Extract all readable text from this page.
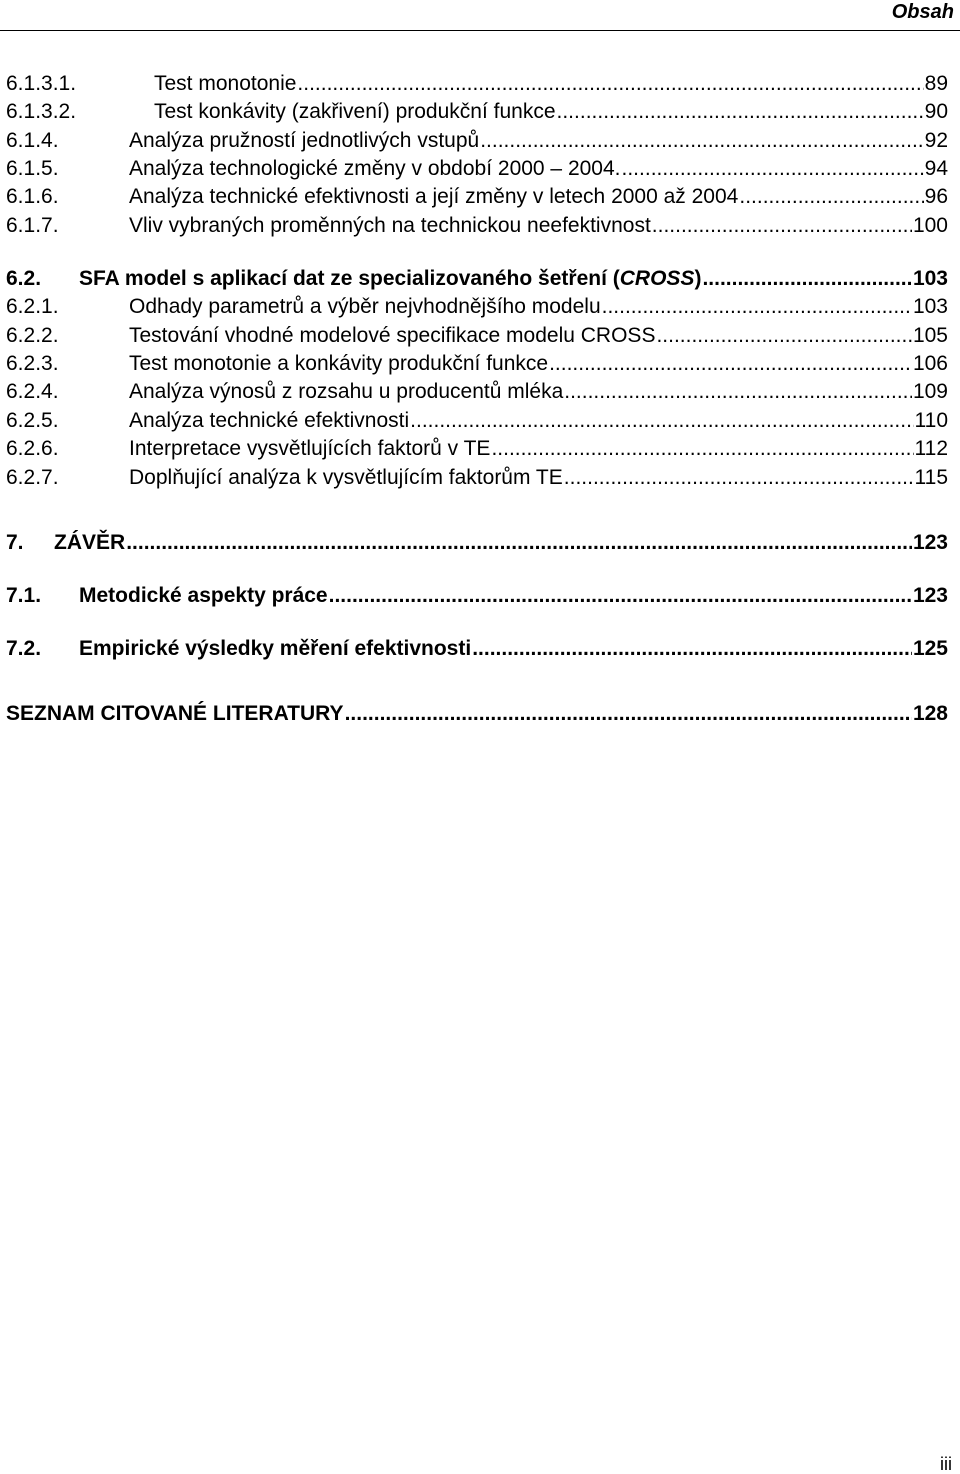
Obsah
6.1.3.1.	Test monotonie .....	89
6.1.3.2.	Test konkávity (zakřivení) produkční funkce .....	90
6.1.4.	Analýza pružností jednotlivých vstupů .....	92
6.1.5.	Analýza technologické změny v období 2000 – 2004. .....	94
6.1.6.	Analýza technické efektivnosti a její změny v letech 2000 až 2004 .....	96
6.1.7.	Vliv vybraných proměnných na technickou neefektivnost .....	100
6.2.	SFA model s aplikací dat ze specializovaného šetření (CROSS) .....	103
6.2.1.	Odhady parametrů a výběr nejvhodnějšího modelu .....	103
6.2.2.	Testování vhodné modelové specifikace modelu CROSS .....	105
6.2.3.	Test monotonie a konkávity produkční funkce .....	106
6.2.4.	Analýza výnosů z rozsahu u producentů mléka .....	109
6.2.5.	Analýza technické efektivnosti .....	110
6.2.6.	Interpretace vysvětlujících faktorů v TE .....	112
6.2.7.	Doplňující analýza k vysvětlujícím faktorům TE .....	115
7.	ZÁVĚR .....	123
7.1.	Metodické aspekty práce .....	123
7.2.	Empirické výsledky měření efektivnosti .....	125
SEZNAM CITOVANÉ LITERATURY .....	128
iii
